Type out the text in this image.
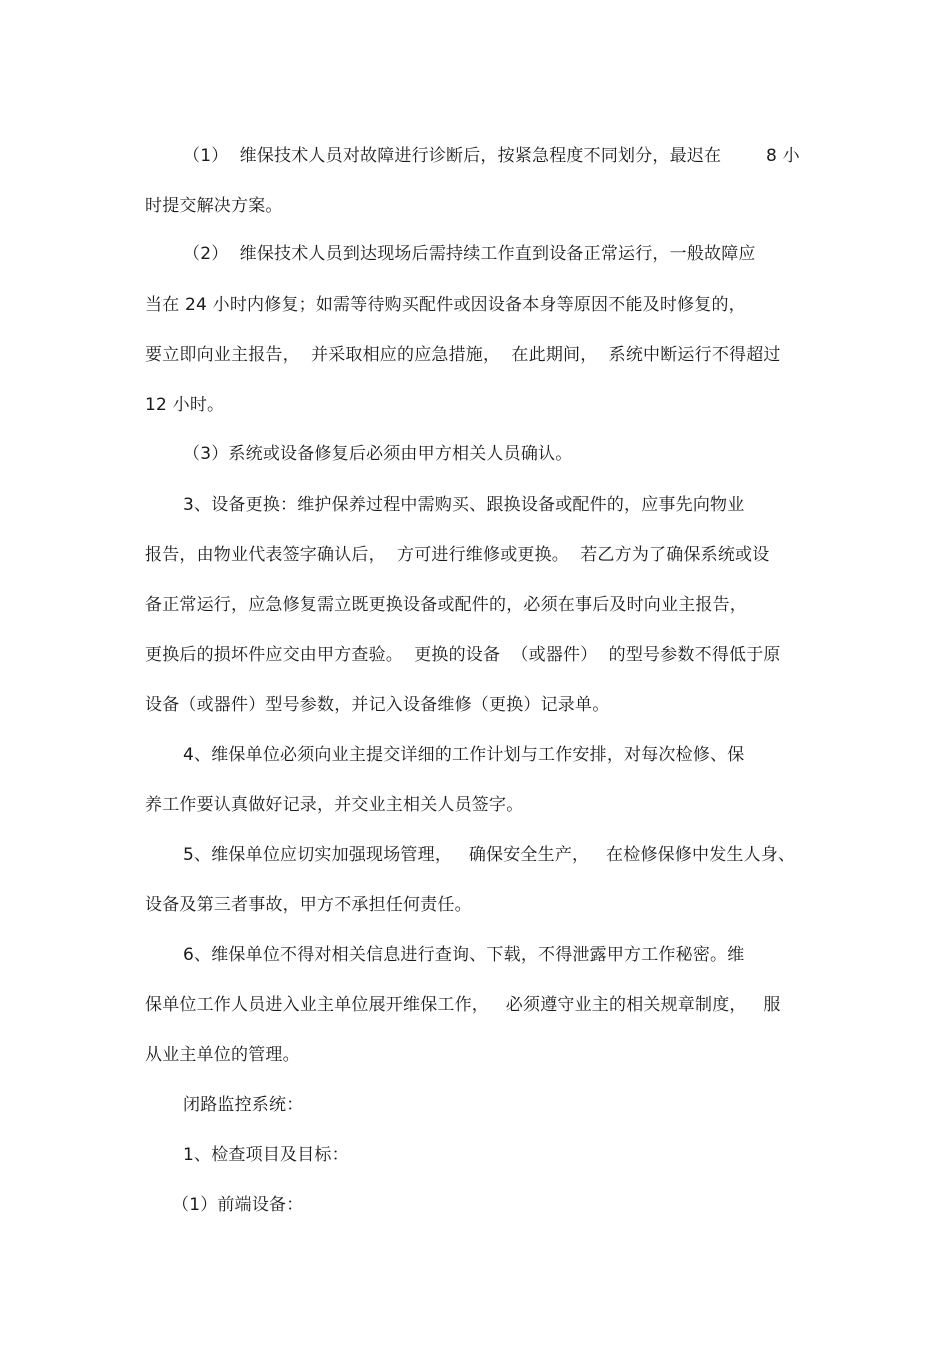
（1）  维保技术人员对故障进行诊断后，按紧急程度不同划分，最迟在        8 小
时提交解决方案。
（2）  维保技术人员到达现场后需持续工作直到设备正常运行，一般故障应
当在 24 小时内修复；如需等待购买配件或因设备本身等原因不能及时修复的，
要立即向业主报告，  并采取相应的应急措施，  在此期间，  系统中断运行不得超过
12 小时。
（3）系统或设备修复后必须由甲方相关人员确认。
3、设备更换：维护保养过程中需购买、跟换设备或配件的，应事先向物业
报告，由物业代表签字确认后，  方可进行维修或更换。  若乙方为了确保系统或设
备正常运行，应急修复需立既更换设备或配件的，必须在事后及时向业主报告，
更换后的损坏件应交由甲方查验。  更换的设备  （或器件）  的型号参数不得低于原
设备（或器件）型号参数，并记入设备维修（更换）记录单。
4、维保单位必须向业主提交详细的工作计划与工作安排，对每次检修、保
养工作要认真做好记录，并交业主相关人员签字。
5、维保单位应切实加强现场管理，   确保安全生产，   在检修保修中发生人身、
设备及第三者事故，甲方不承担任何责任。
6、维保单位不得对相关信息进行查询、下载，不得泄露甲方工作秘密。维
保单位工作人员进入业主单位展开维保工作，   必须遵守业主的相关规章制度，   服
从业主单位的管理。
闭路监控系统：
1、检查项目及目标：
（1）前端设备：
